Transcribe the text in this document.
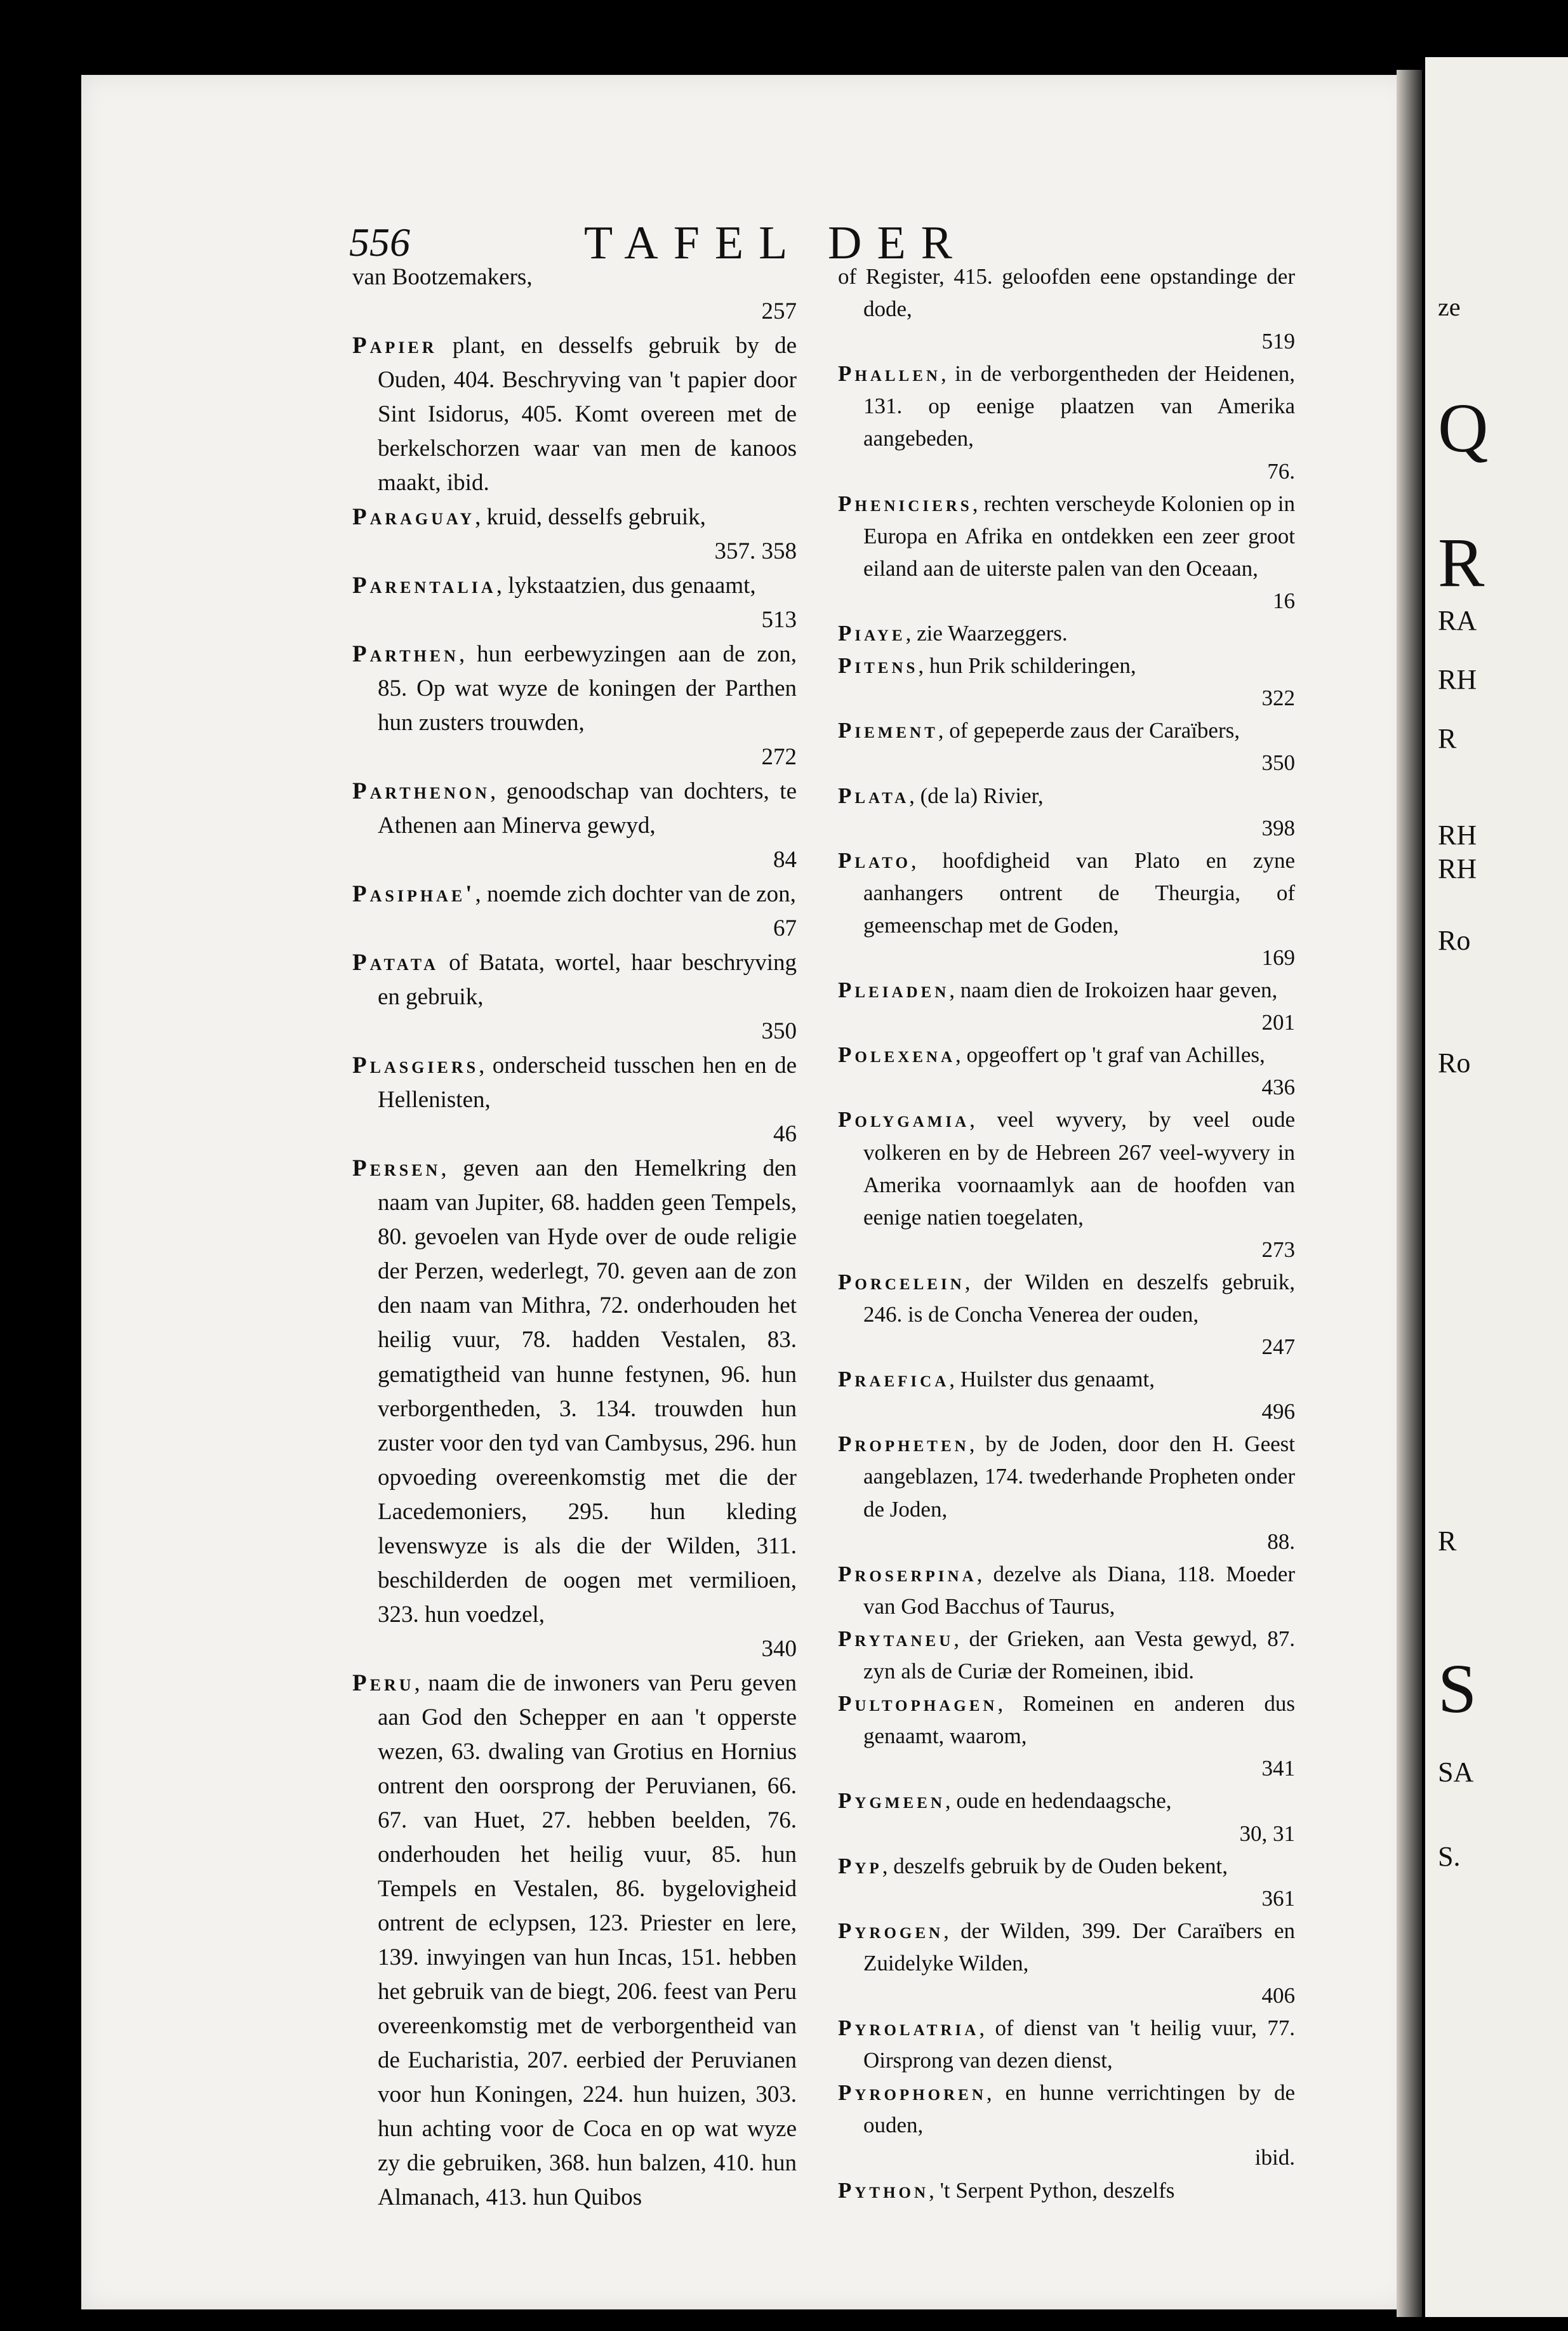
ze
Q
R
RA
RH
R
RH
RH
Ro
Ro
R
S
SA
S.
556	TAFEL DER
van Bootzemakers,
257
Papier plant, en desselfs gebruik by de Ouden, 404. Beschryving van 't papier door Sint Isidorus, 405. Komt overeen met de berkelschorzen waar van men de kanoos maakt, ibid.
Paraguay, kruid, desselfs gebruik,
357. 358
Parentalia, lykstaatzien, dus genaamt,
513
Parthen, hun eerbewyzingen aan de zon, 85. Op wat wyze de koningen der Parthen hun zusters trouwden,
272
Parthenon, genoodschap van dochters, te Athenen aan Minerva gewyd,
84
Pasiphae', noemde zich dochter van de zon,
67
Patata of Batata, wortel, haar beschryving en gebruik,
350
Plasgiers, onderscheid tusschen hen en de Hellenisten,
46
Persen, geven aan den Hemelkring den naam van Jupiter, 68. hadden geen Tempels, 80. gevoelen van Hyde over de oude religie der Perzen, wederlegt, 70. geven aan de zon den naam van Mithra, 72. onderhouden het heilig vuur, 78. hadden Vestalen, 83. gematigtheid van hunne festynen, 96. hun verborgentheden, 3. 134. trouwden hun zuster voor den tyd van Cambysus, 296. hun opvoeding overeenkomstig met die der Lacedemoniers, 295. hun kleding levenswyze is als die der Wilden, 311. beschilderden de oogen met vermilioen, 323. hun voedzel,
340
Peru, naam die de inwoners van Peru geven aan God den Schepper en aan 't opperste wezen, 63. dwaling van Grotius en Hornius ontrent den oorsprong der Peruvianen, 66. 67. van Huet, 27. hebben beelden, 76. onderhouden het heilig vuur, 85. hun Tempels en Vestalen, 86. bygelovigheid ontrent de eclypsen, 123. Priester en lere, 139. inwyingen van hun Incas, 151. hebben het gebruik van de biegt, 206. feest van Peru overeenkomstig met de verborgentheid van de Eucharistia, 207. eerbied der Peruvianen voor hun Koningen, 224. hun huizen, 303. hun achting voor de Coca en op wat wyze zy die gebruiken, 368. hun balzen, 410. hun Almanach, 413. hun Quibos
of Register, 415. geloofden eene opstandinge der dode,
519
Phallen, in de verborgentheden der Heidenen, 131. op eenige plaatzen van Amerika aangebeden,
76.
Pheniciers, rechten verscheyde Kolonien op in Europa en Afrika en ontdekken een zeer groot eiland aan de uiterste palen van den Oceaan,
16
Piaye, zie Waarzeggers.
Pitens, hun Prik schilderingen,
322
Piement, of gepeperde zaus der Caraïbers,
350
Plata, (de la) Rivier,
398
Plato, hoofdigheid van Plato en zyne aanhangers ontrent de Theurgia, of gemeenschap met de Goden,
169
Pleiaden, naam dien de Irokoizen haar geven,
201
Polexena, opgeoffert op 't graf van Achilles,
436
Polygamia, veel wyvery, by veel oude volkeren en by de Hebreen 267 veel-wyvery in Amerika voornaamlyk aan de hoofden van eenige natien toegelaten,
273
Porcelein, der Wilden en deszelfs gebruik, 246. is de Concha Venerea der ouden,
247
Praefica, Huilster dus genaamt,
496
Propheten, by de Joden, door den H. Geest aangeblazen, 174. twederhande Propheten onder de Joden,
88.
Proserpina, dezelve als Diana, 118. Moeder van God Bacchus of Taurus,
Prytaneu, der Grieken, aan Vesta gewyd, 87. zyn als de Curiæ der Romeinen, ibid.
Pultophagen, Romeinen en anderen dus genaamt, waarom,
341
Pygmeen, oude en hedendaagsche,
30, 31
Pyp, deszelfs gebruik by de Ouden bekent,
361
Pyrogen, der Wilden, 399. Der Caraïbers en Zuidelyke Wilden,
406
Pyrolatria, of dienst van 't heilig vuur, 77. Oirsprong van dezen dienst,
Pyrophoren, en hunne verrichtingen by de ouden,
ibid.
Python, 't Serpent Python, deszelfs
